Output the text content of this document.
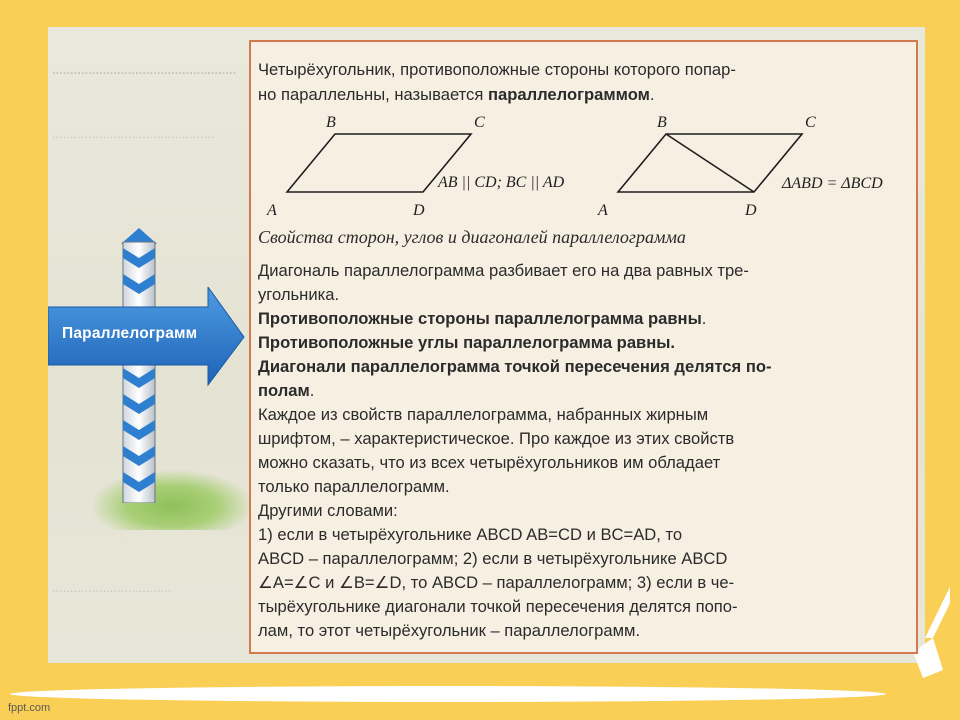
...................................................
.............................................
.................................
Параллелограмм

Четырёхугольник, противоположные стороны которого попар-

но параллельны, называется параллелограммом.

B	C
A	D
AB || CD; BC || AD
B	C
A	D
ΔABD = ΔBCD

Свойства сторон, углов и диагоналей параллелограмма

Диагональ параллелограмма разбивает его на два равных тре-

угольника.

Противоположные стороны параллелограмма равны.

Противоположные углы параллелограмма равны.

Диагонали параллелограмма точкой пересечения делятся по-

полам.

Каждое из свойств параллелограмма, набранных жирным

шрифтом, – характеристическое. Про каждое из этих свойств

можно сказать, что из всех четырёхугольников им обладает

только параллелограмм.

Другими словами:

1) если в четырёхугольнике ABCD AB=CD и BC=AD, то

ABCD – параллелограмм; 2) если в четырёхугольнике ABCD

∠A=∠C и ∠B=∠D, то ABCD – параллелограмм; 3) если в че-

тырёхугольнике диагонали точкой пересечения делятся попо-

лам, то этот четырёхугольник – параллелограмм.

fppt.com
